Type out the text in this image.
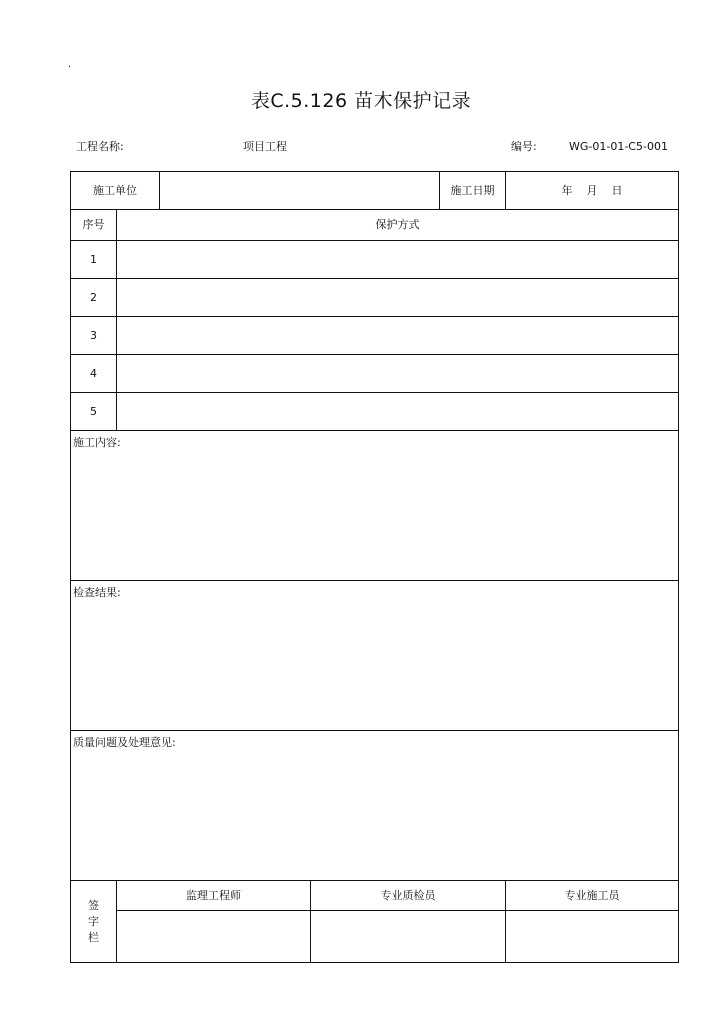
·
表C.5.126 苗木保护记录
工程名称:	项目工程	编号:	WG-01-01-C5-001
施工单位	施工日期	年    月    日
序号	保护方式
1
2
3
4
5
施工内容:
检查结果:
质量问题及处理意见:
签
字
栏
监理工程师	专业质检员	专业施工员
